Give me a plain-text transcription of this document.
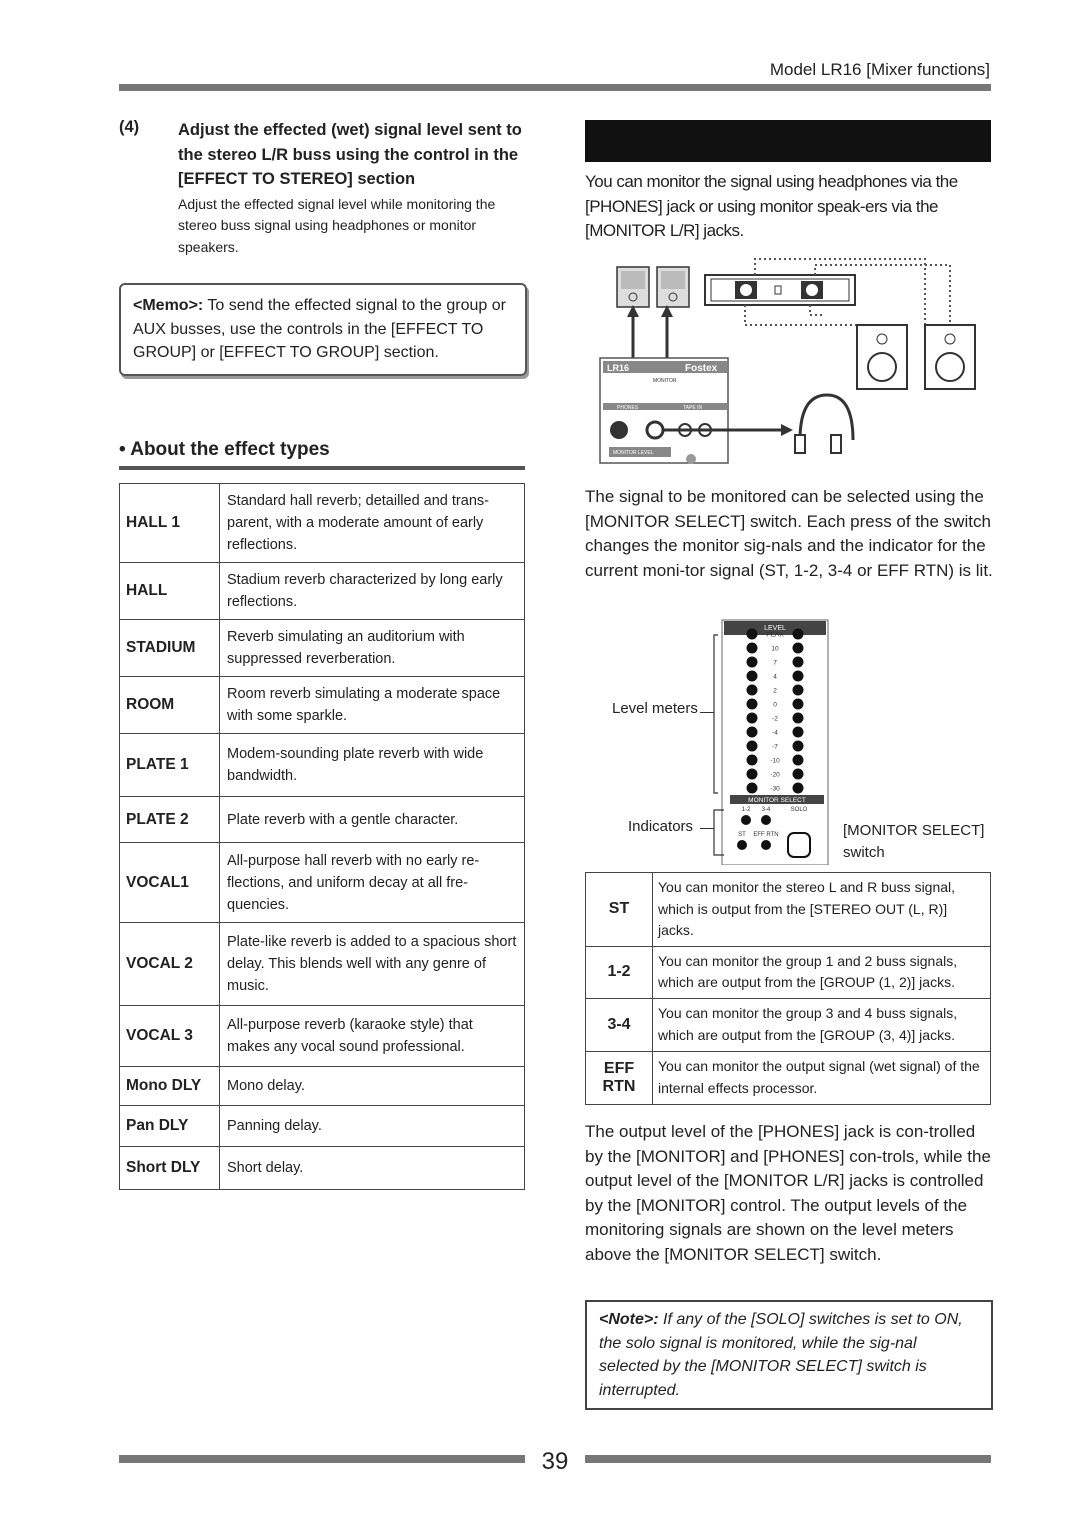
Model LR16 [Mixer functions]
(4) Adjust the effected (wet) signal level sent to the stereo L/R buss using the control in the [EFFECT TO STEREO] section
Adjust the effected signal level while monitoring the stereo buss signal using headphones or monitor speakers.
<Memo>: To send the effected signal to the group or AUX busses, use the controls in the [EFFECT TO GROUP] or [EFFECT TO GROUP] section.
• About the effect types
HALL 1	Standard hall reverb; detailled and trans-parent, with a moderate amount of early reflections.
HALL	Stadium reverb characterized by long early reflections.
STADIUM	Reverb simulating an auditorium with suppressed reverberation.
ROOM	Room reverb simulating a moderate space with some sparkle.
PLATE 1	Modem-sounding plate reverb with wide bandwidth.
PLATE 2	Plate reverb with a gentle character.
VOCAL1	All-purpose hall reverb with no early re-flections, and uniform decay at all fre-quencies.
VOCAL 2	Plate-like reverb is added to a spacious short delay. This blends well with any genre of music.
VOCAL 3	All-purpose reverb (karaoke style) that makes any vocal sound professional.
Mono DLY	Mono delay.
Pan DLY	Panning delay.
Short DLY	Short delay.
You can monitor the signal using headphones via the [PHONES] jack or using monitor speak-ers via the [MONITOR L/R] jacks.
LR16	Fostex
MONITOR
PHONES	TAPE IN
MONITOR LEVEL
The signal to be monitored can be selected using the [MONITOR SELECT] switch. Each press of the switch changes the monitor sig-nals and the indicator for the current moni-tor signal (ST, 1-2, 3-4 or EFF RTN) is lit.
Level meters
Indicators	[MONITOR SELECT]
switch
LEVEL
PEAK
10
7
4
2
0
-2
-4
-7
-10
-20
-30
MONITOR SELECT
1-2 3-4	SOLO
ST EFF RTN
ST	You can monitor the stereo L and R buss signal, which is output from the [STEREO OUT (L, R)] jacks.
1-2	You can monitor the group 1 and 2 buss signals, which are output from the [GROUP (1, 2)] jacks.
3-4	You can monitor the group 3 and 4 buss signals, which are output from the [GROUP (3, 4)] jacks.
EFF RTN	You can monitor the output signal (wet signal) of the internal effects processor.
The output level of the [PHONES] jack is con-trolled by the [MONITOR] and [PHONES] con-trols, while the output level of the [MONITOR L/R] jacks is controlled by the [MONITOR] control. The output levels of the monitoring signals are shown on the level meters above the [MONITOR SELECT] switch.
<Note>: If any of the [SOLO] switches is set to ON, the solo signal is monitored, while the sig-nal selected by the [MONITOR SELECT] switch is interrupted.
39
